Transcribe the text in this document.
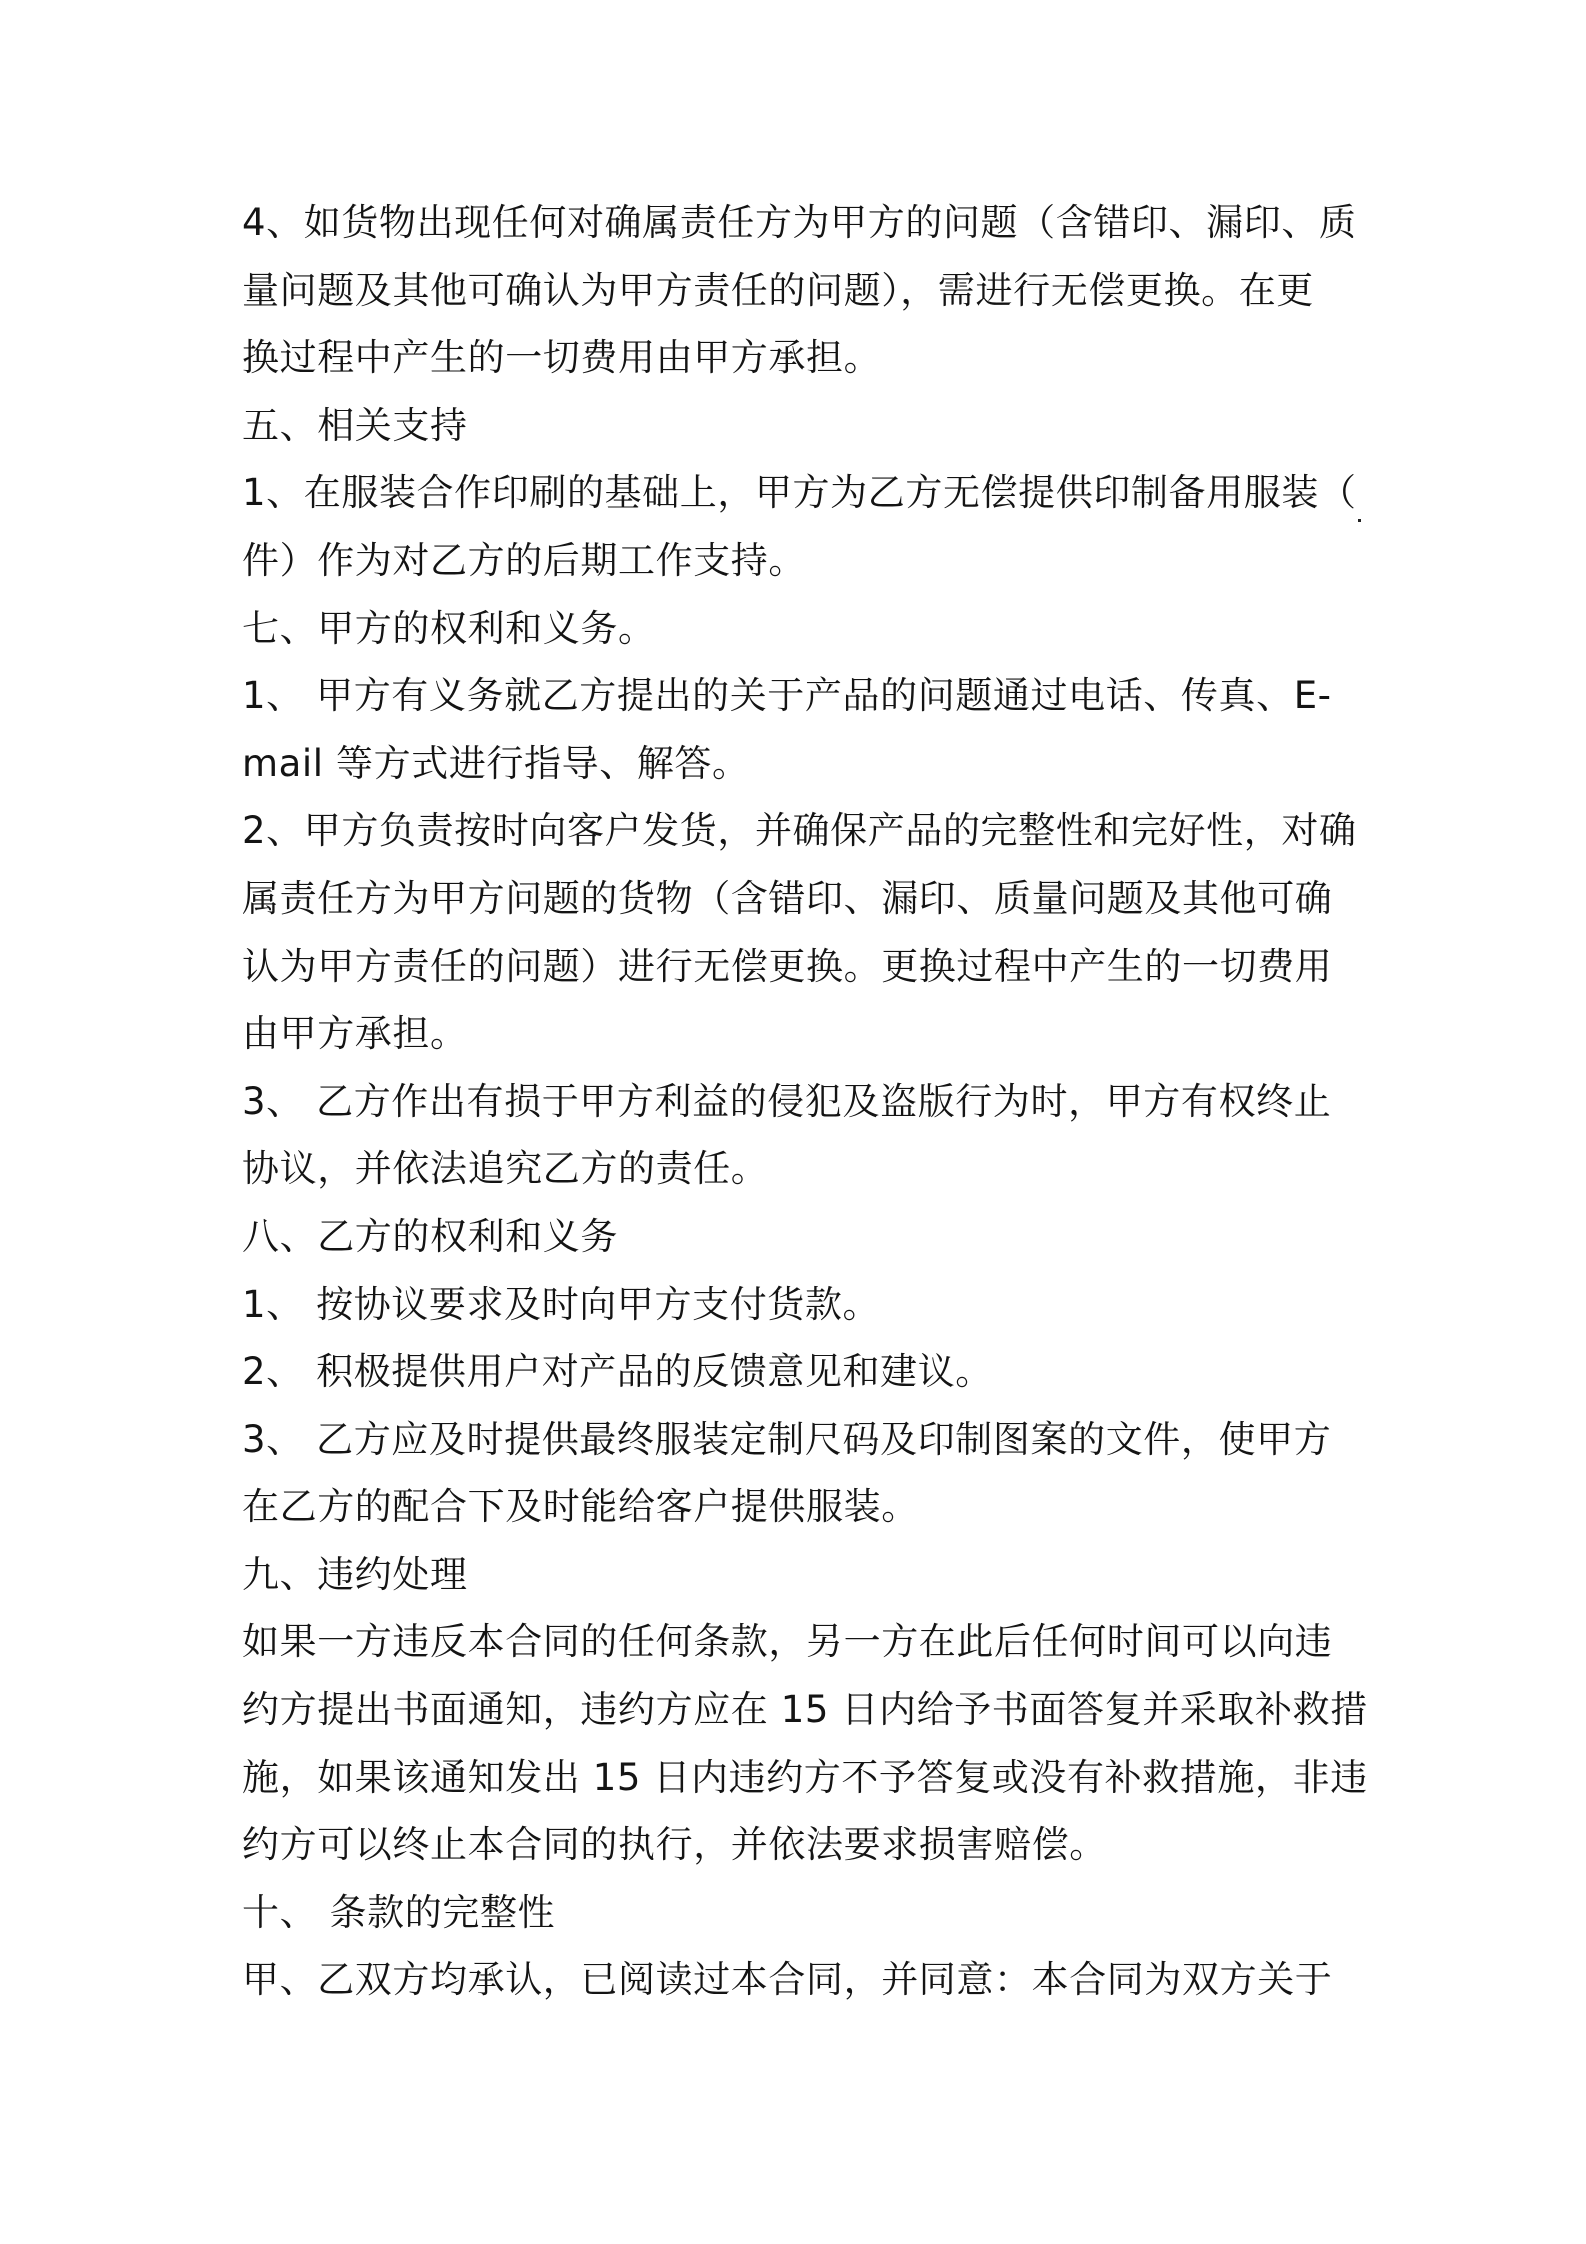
4、如货物出现任何对确属责任方为甲方的问题（含错印、漏印、质
量问题及其他可确认为甲方责任的问题），需进行无偿更换。在更
换过程中产生的一切费用由甲方承担。
五、相关支持
1、在服装合作印刷的基础上，甲方为乙方无偿提供印制备用服装（
件）作为对乙方的后期工作支持。
七、甲方的权利和义务。
1、 甲方有义务就乙方提出的关于产品的问题通过电话、传真、E-
mail 等方式进行指导、解答。
2、甲方负责按时向客户发货，并确保产品的完整性和完好性，对确
属责任方为甲方问题的货物（含错印、漏印、质量问题及其他可确
认为甲方责任的问题）进行无偿更换。更换过程中产生的一切费用
由甲方承担。
3、 乙方作出有损于甲方利益的侵犯及盗版行为时，甲方有权终止
协议，并依法追究乙方的责任。
八、乙方的权利和义务
1、 按协议要求及时向甲方支付货款。
2、 积极提供用户对产品的反馈意见和建议。
3、 乙方应及时提供最终服装定制尺码及印制图案的文件，使甲方
在乙方的配合下及时能给客户提供服装。
九、违约处理
如果一方违反本合同的任何条款，另一方在此后任何时间可以向违
约方提出书面通知，违约方应在 15 日内给予书面答复并采取补救措
施，如果该通知发出 15 日内违约方不予答复或没有补救措施，非违
约方可以终止本合同的执行，并依法要求损害赔偿。
十、 条款的完整性
甲、乙双方均承认，已阅读过本合同，并同意：本合同为双方关于
